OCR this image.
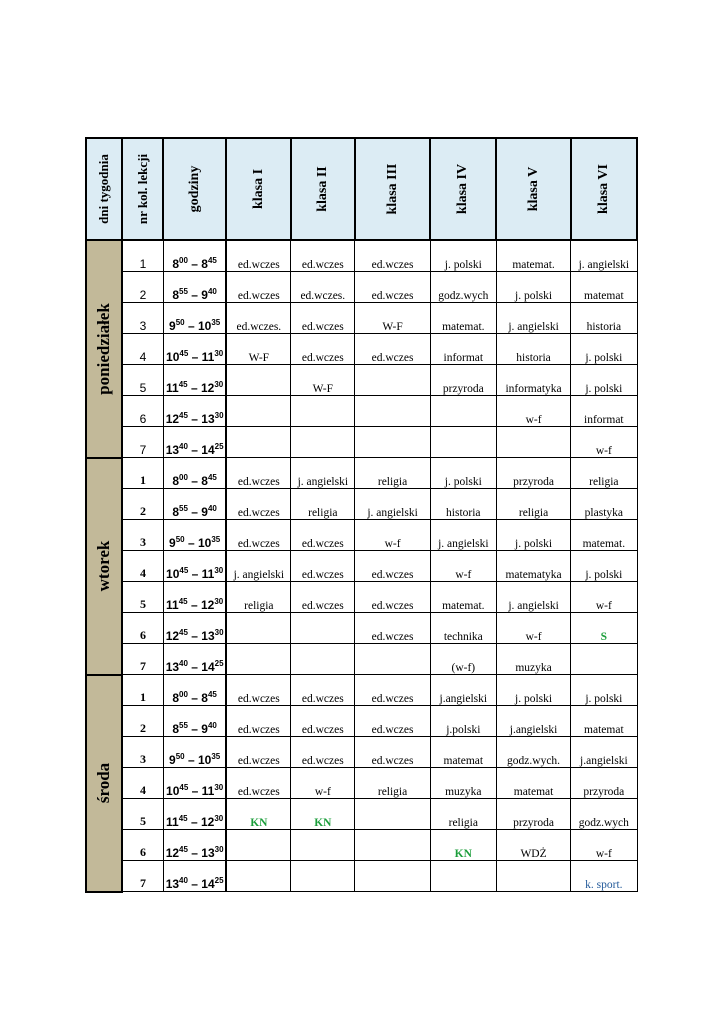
dni tygodnia	nr kol. lekcji	godziny	klasa I	klasa II	klasa III	klasa IV	klasa V	klasa VI

poniedziałek	1	$8^{00} - 8^{45}$	ed.wczes	ed.wczes	ed.wczes	j. polski	matemat.	j. angielski
	2	$8^{55} - 9^{40}$	ed.wczes	ed.wczes.	ed.wczes	godz.wych	j. polski	matemat
	3	$9^{50} - 10^{35}$	ed.wczes.	ed.wczes	W-F	matemat.	j. angielski	historia
	4	$10^{45} - 11^{30}$	W-F	ed.wczes	ed.wczes	informat	historia	j. polski
	5	$11^{45} - 12^{30}$		W-F		przyroda	informatyka	j. polski
	6	$12^{45} - 13^{30}$					w-f	informat
	7	$13^{40} - 14^{25}$						w-f

wtorek	1	$8^{00} - 8^{45}$	ed.wczes	j. angielski	religia	j. polski	przyroda	religia
	2	$8^{55} - 9^{40}$	ed.wczes	religia	j. angielski	historia	religia	plastyka
	3	$9^{50} - 10^{35}$	ed.wczes	ed.wczes	w-f	j. angielski	j. polski	matemat.
	4	$10^{45} - 11^{30}$	j. angielski	ed.wczes	ed.wczes	w-f	matematyka	j. polski
	5	$11^{45} - 12^{30}$	religia	ed.wczes	ed.wczes	matemat.	j. angielski	w-f
	6	$12^{45} - 13^{30}$			ed.wczes	technika	w-f	S
	7	$13^{40} - 14^{25}$				(w-f)	muzyka	

środa	1	$8^{00} - 8^{45}$	ed.wczes	ed.wczes	ed.wczes	j.angielski	j. polski	j. polski
	2	$8^{55} - 9^{40}$	ed.wczes	ed.wczes	ed.wczes	j.polski	j.angielski	matemat
	3	$9^{50} - 10^{35}$	ed.wczes	ed.wczes	ed.wczes	matemat	godz.wych.	j.angielski
	4	$10^{45} - 11^{30}$	ed.wczes	w-f	religia	muzyka	matemat	przyroda
	5	$11^{45} - 12^{30}$	KN	KN		religia	przyroda	godz.wych
	6	$12^{45} - 13^{30}$				KN	WDŻ	w-f
	7	$13^{40} - 14^{25}$						k. sport.
